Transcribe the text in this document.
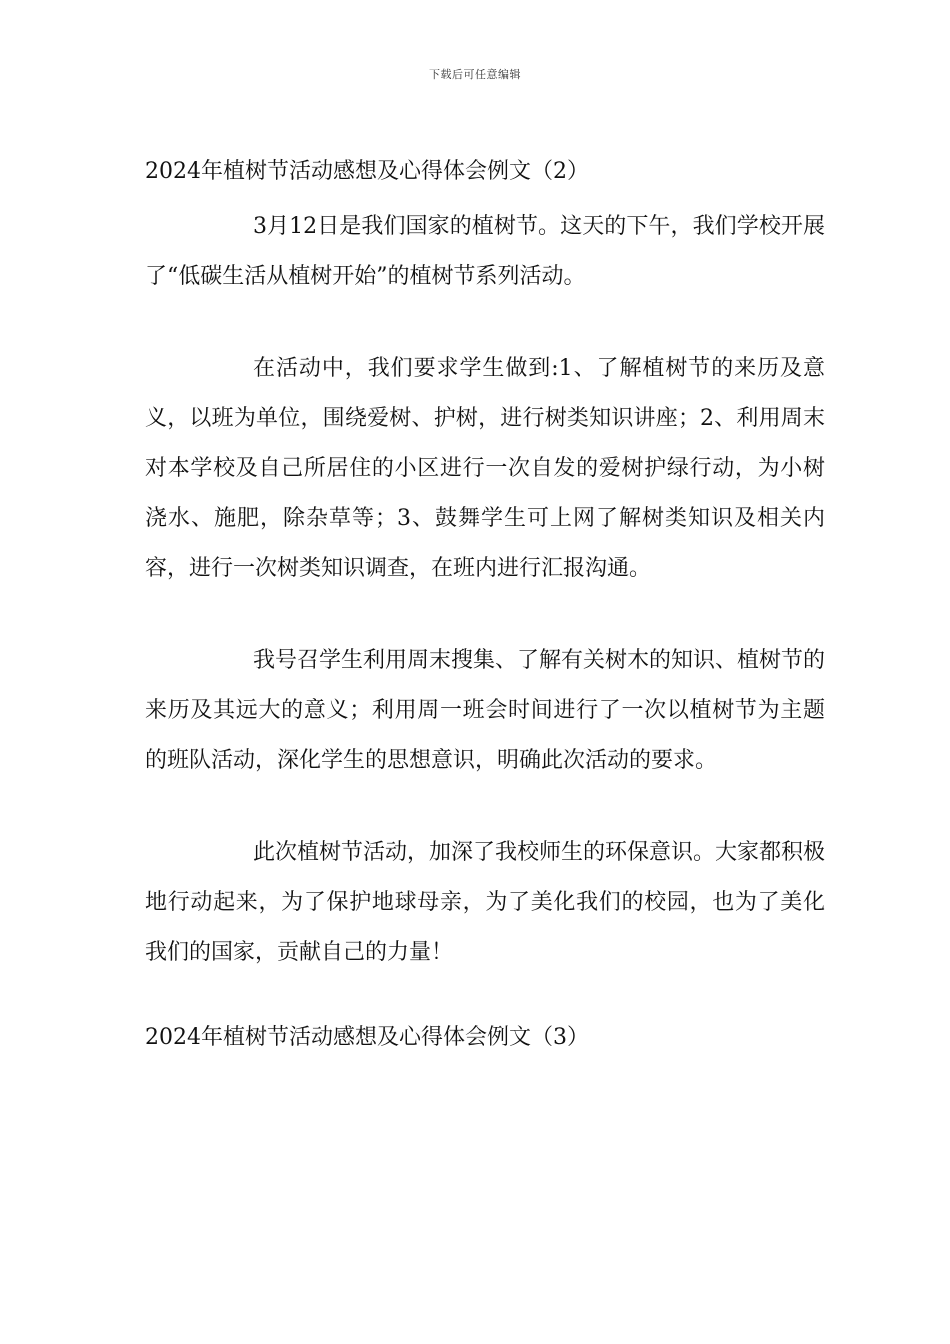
下载后可任意编辑
2024年植树节活动感想及心得体会例文（2）

3月12日是我们国家的植树节。这天的下午，我们学校开展了“低碳生活从植树开始”的植树节系列活动。

在活动中，我们要求学生做到:1、了解植树节的来历及意义，以班为单位，围绕爱树、护树，进行树类知识讲座；2、利用周末对本学校及自己所居住的小区进行一次自发的爱树护绿行动，为小树浇水、施肥，除杂草等；3、鼓舞学生可上网了解树类知识及相关内容，进行一次树类知识调查，在班内进行汇报沟通。

我号召学生利用周末搜集、了解有关树木的知识、植树节的来历及其远大的意义；利用周一班会时间进行了一次以植树节为主题的班队活动，深化学生的思想意识，明确此次活动的要求。

此次植树节活动，加深了我校师生的环保意识。大家都积极地行动起来，为了保护地球母亲，为了美化我们的校园，也为了美化我们的国家，贡献自己的力量！

2024年植树节活动感想及心得体会例文（3）
